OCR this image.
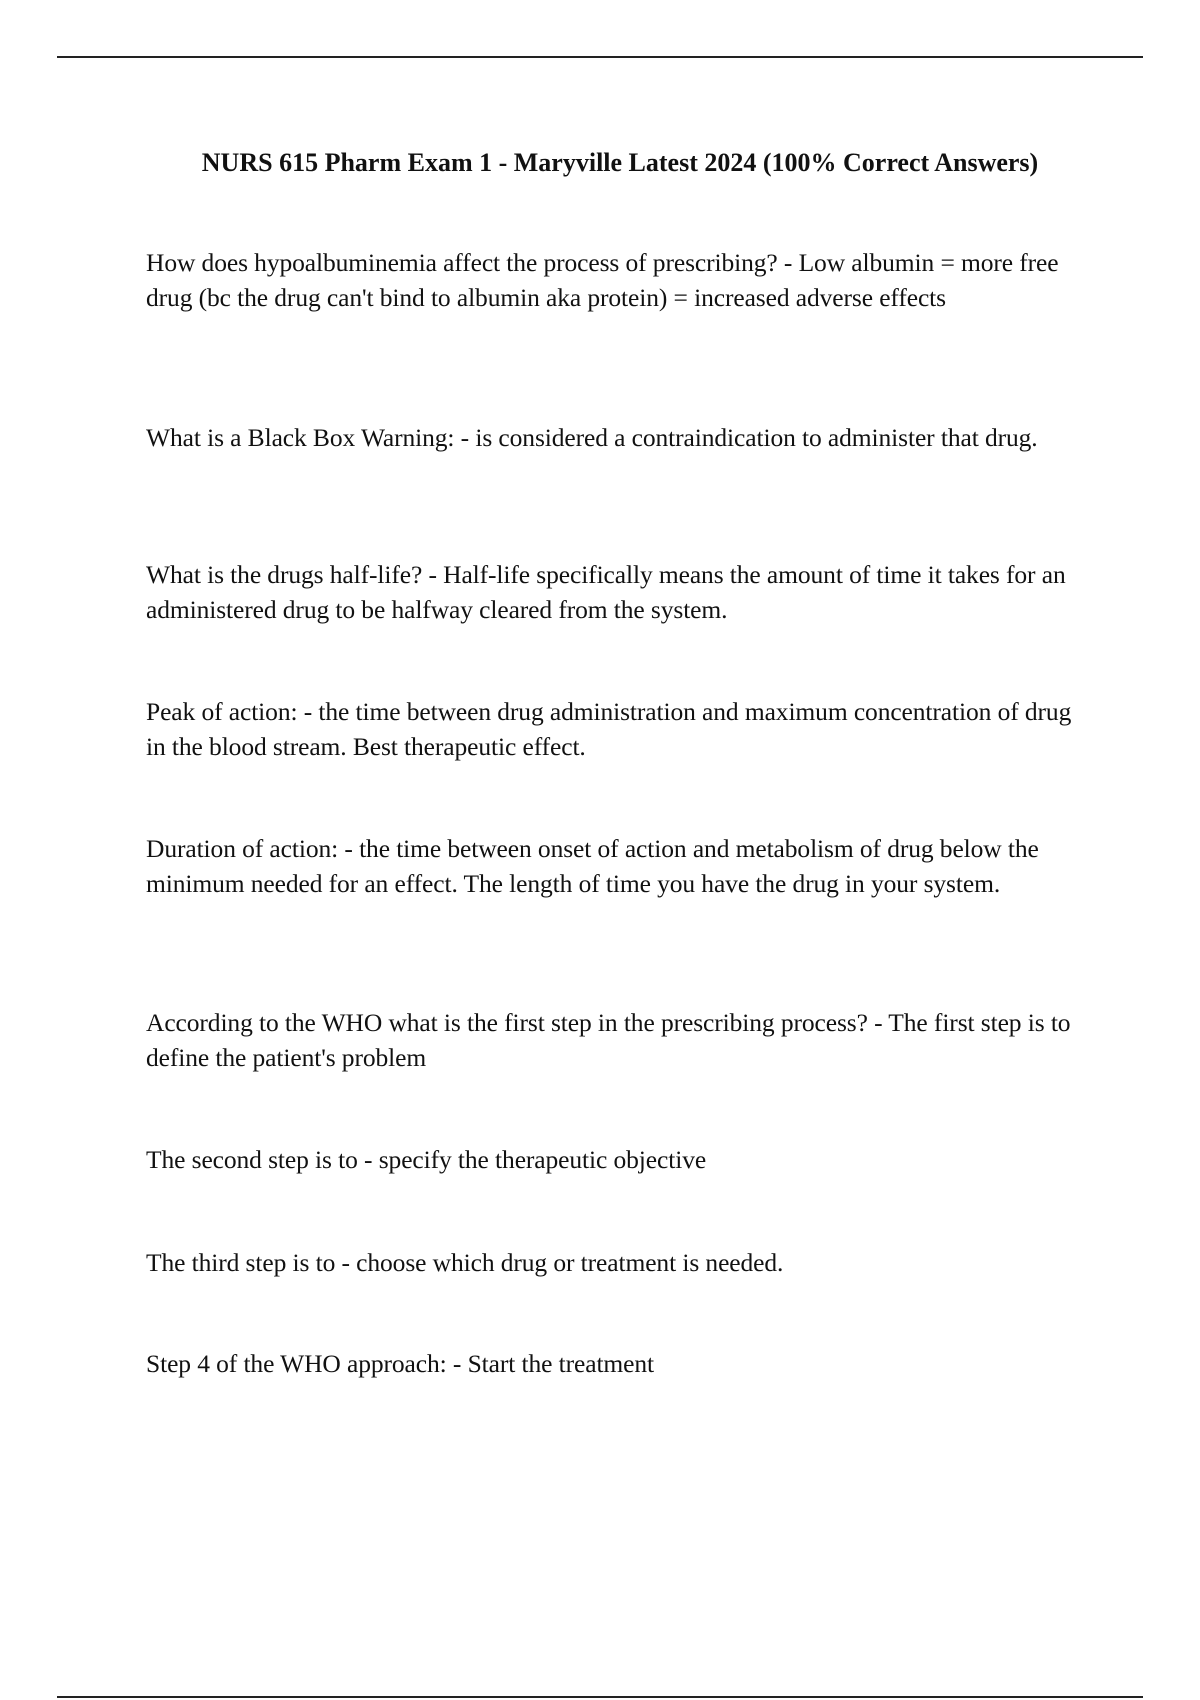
NURS 615 Pharm Exam 1 - Maryville Latest 2024 (100% Correct Answers)

How does hypoalbuminemia affect the process of prescribing? - Low albumin = more free drug (bc the drug can't bind to albumin aka protein) = increased adverse effects

What is a Black Box Warning: - is considered a contraindication to administer that drug.

What is the drugs half-life? - Half-life specifically means the amount of time it takes for an administered drug to be halfway cleared from the system.

Peak of action: - the time between drug administration and maximum concentration of drug in the blood stream. Best therapeutic effect.

Duration of action: - the time between onset of action and metabolism of drug below the minimum needed for an effect. The length of time you have the drug in your system.

According to the WHO what is the first step in the prescribing process? - The first step is to define the patient's problem

The second step is to - specify the therapeutic objective

The third step is to - choose which drug or treatment is needed.

Step 4 of the WHO approach: - Start the treatment
